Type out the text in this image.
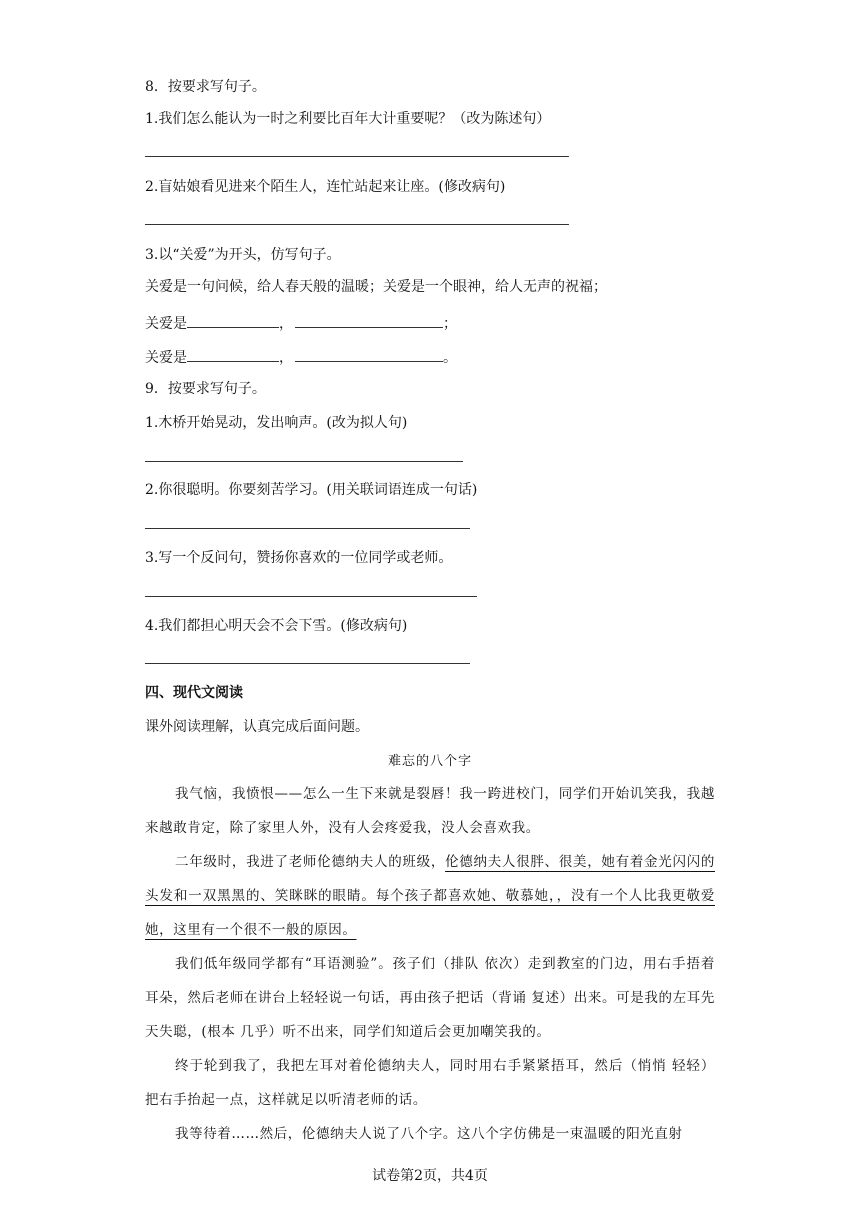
8．按要求写句子。
1.我们怎么能认为一时之利要比百年大计重要呢？（改为陈述句）
2.盲姑娘看见进来个陌生人，连忙站起来让座。(修改病句)
3.以“关爱”为开头，仿写句子。
关爱是一句问候，给人春天般的温暖；关爱是一个眼神，给人无声的祝福；
关爱是	，	；
关爱是	，	。
9．按要求写句子。
1.木桥开始晃动，发出响声。(改为拟人句)
2.你很聪明。你要刻苦学习。(用关联词语连成一句话)
3.写一个反问句，赞扬你喜欢的一位同学或老师。
4.我们都担心明天会不会下雪。(修改病句)
四、现代文阅读
课外阅读理解，认真完成后面问题。
难忘的八个字
我气恼，我愤恨——怎么一生下来就是裂唇！我一跨进校门，同学们开始讥笑我，我越来越敢肯定，除了家里人外，没有人会疼爱我，没人会喜欢我。
二年级时，我进了老师伦德纳夫人的班级，伦德纳夫人很胖、很美，她有着金光闪闪的头发和一双黑黑的、笑眯眯的眼睛。每个孩子都喜欢她、敬慕她，，没有一个人比我更敬爱她，这里有一个很不一般的原因。
我们低年级同学都有“耳语测验”。孩子们（排队 依次）走到教室的门边，用右手捂着耳朵，然后老师在讲台上轻轻说一句话，再由孩子把话（背诵 复述）出来。可是我的左耳先天失聪，(根本 几乎）听不出来，同学们知道后会更加嘲笑我的。
终于轮到我了，我把左耳对着伦德纳夫人，同时用右手紧紧捂耳，然后（悄悄 轻轻）把右手抬起一点，这样就足以听清老师的话。
我等待着……然后，伦德纳夫人说了八个字。这八个字仿佛是一束温暖的阳光直射
试卷第2页，共4页
